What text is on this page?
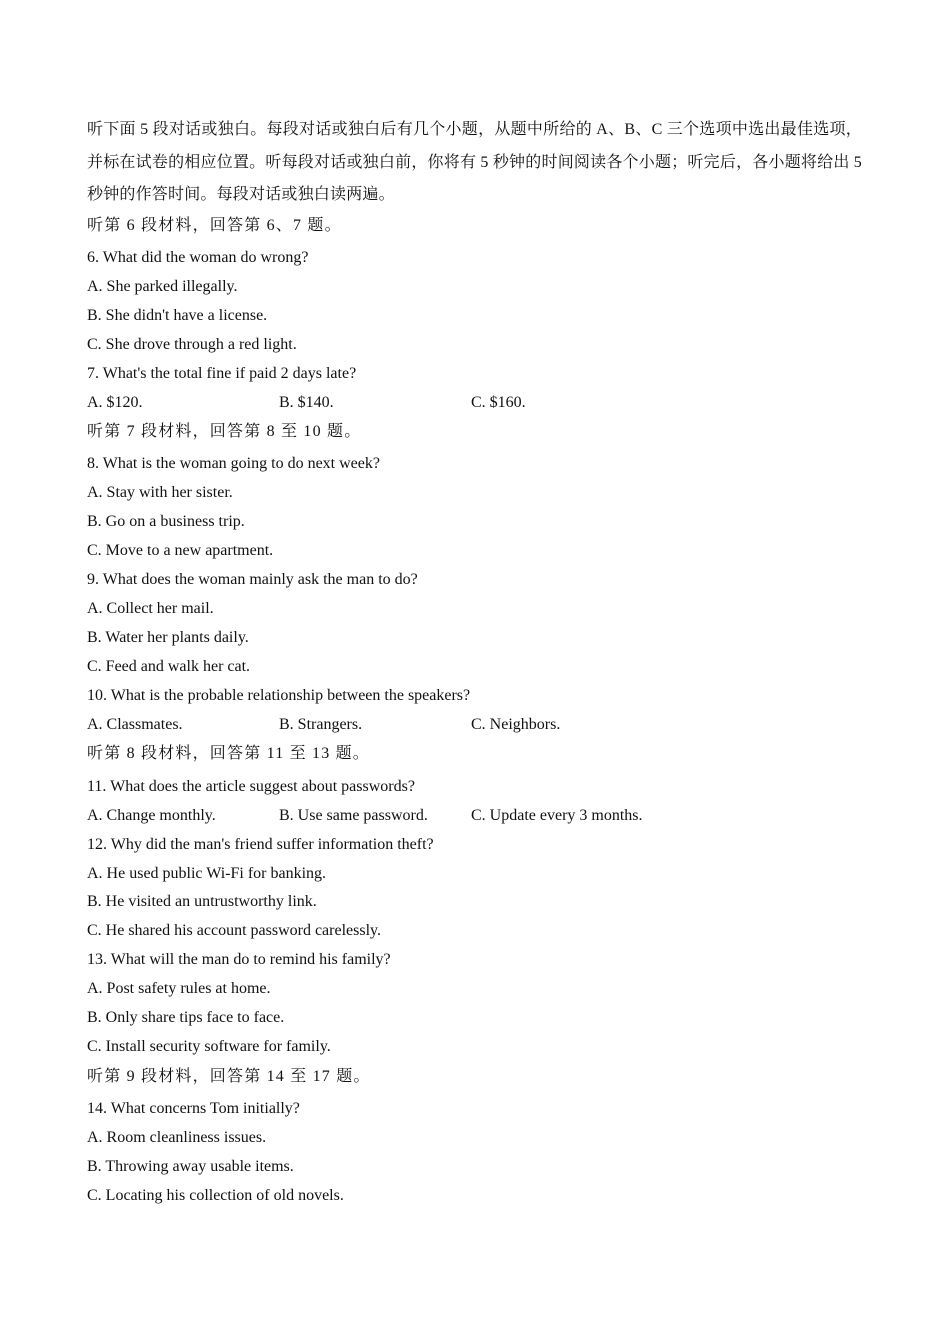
听下面 5 段对话或独白。每段对话或独白后有几个小题，从题中所给的 A、B、C 三个选项中选出最佳选项，并标在试卷的相应位置。听每段对话或独白前，你将有 5 秒钟的时间阅读各个小题；听完后，各小题将给出 5 秒钟的作答时间。每段对话或独白读两遍。

听第 6 段材料，回答第 6、7 题。
6. What did the woman do wrong?
A. She parked illegally.
B. She didn't have a license.
C. She drove through a red light.
7. What's the total fine if paid 2 days late?
A. $120.	B. $140.	C. $160.
听第 7 段材料，回答第 8 至 10 题。
8. What is the woman going to do next week?
A. Stay with her sister.
B. Go on a business trip.
C. Move to a new apartment.
9. What does the woman mainly ask the man to do?
A. Collect her mail.
B. Water her plants daily.
C. Feed and walk her cat.
10. What is the probable relationship between the speakers?
A. Classmates.	B. Strangers.	C. Neighbors.
听第 8 段材料，回答第 11 至 13 题。
11. What does the article suggest about passwords?
A. Change monthly.	B. Use same password.	C. Update every 3 months.
12. Why did the man's friend suffer information theft?
A. He used public Wi-Fi for banking.
B. He visited an untrustworthy link.
C. He shared his account password carelessly.
13. What will the man do to remind his family?
A. Post safety rules at home.
B. Only share tips face to face.
C. Install security software for family.
听第 9 段材料，回答第 14 至 17 题。
14. What concerns Tom initially?
A. Room cleanliness issues.
B. Throwing away usable items.
C. Locating his collection of old novels.
